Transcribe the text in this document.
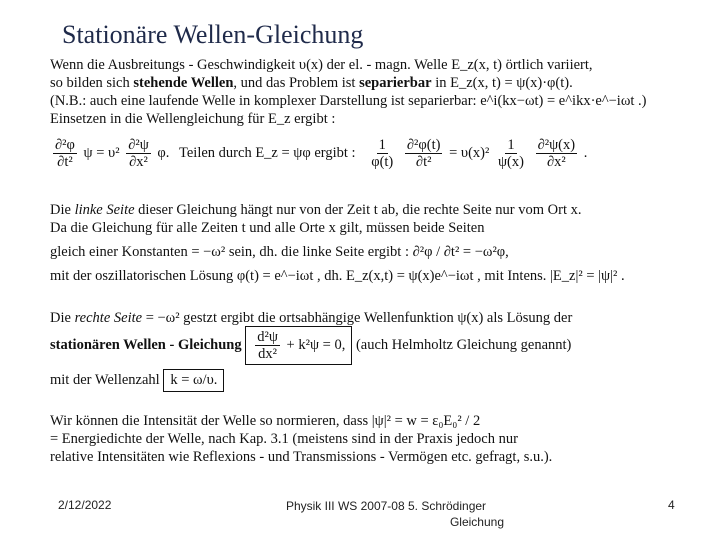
Stationäre Wellen-Gleichung
Wenn die Ausbreitungs - Geschwindigkeit υ(x) der el. - magn. Welle E_z(x, t) örtlich variiert,
so bilden sich stehende Wellen, und das Problem ist separierbar in E_z(x, t) = ψ(x)·φ(t).
(N.B.: auch eine laufende Welle in komplexer Darstellung ist separierbar: e^i(kx−ωt) = e^ikx·e^−iωt .)
Einsetzen in die Wellengleichung für E_z ergibt :
$\frac{\text{∂²φ}}{\text{∂t²}}$ $\psi = \upsilon^2 \frac{\text{∂²ψ}}{\text{∂x²}} \varphi$. Teilen durch E_z = ψφ ergibt : $\frac{1}{\varphi(t)}$
$\frac{\text{∂²φ(t)}}{\text{∂t²}} = \upsilon(x)^2 \frac{1}{\psi(x)}$
$\frac{\text{∂²ψ(x)}}{\text{∂x²}}$ .
Die linke Seite dieser Gleichung hängt nur von der Zeit t ab, die rechte Seite nur vom Ort x.
Da die Gleichung für alle Zeiten t und alle Orte x gilt, müssen beide Seiten
gleich einer Konstanten = −ω² sein, dh. die linke Seite ergibt : ∂²φ / ∂t² = −ω²φ,
mit der oszillatorischen Lösung φ(t) = e^−iωt , dh. E_z(x,t) = ψ(x)e^−iωt , mit Intens. |E_z|² = |ψ|² .
Die rechte Seite = −ω² gestzt ergibt die ortsabhängige Wellenfunktion ψ(x) als Lösung der
stationären Wellen - Gleichung $\frac{\text{d²ψ}}{\text{dx²}} + k^2\psi = 0$, (auch Helmholtz Gleichung genannt)
mit der Wellenzahl k = ω/υ.
Wir können die Intensität der Welle so normieren, dass |ψ|² = w = ε₀E₀² / 2
= Energiedichte der Welle, nach Kap. 3.1 (meistens sind in der Praxis jedoch nur
relative Intensitäten wie Reflexions - und Transmissions - Vermögen etc. gefragt, s.u.).
2/12/2022	Physik III WS 2007-08 5. Schrödinger
Gleichung
4
